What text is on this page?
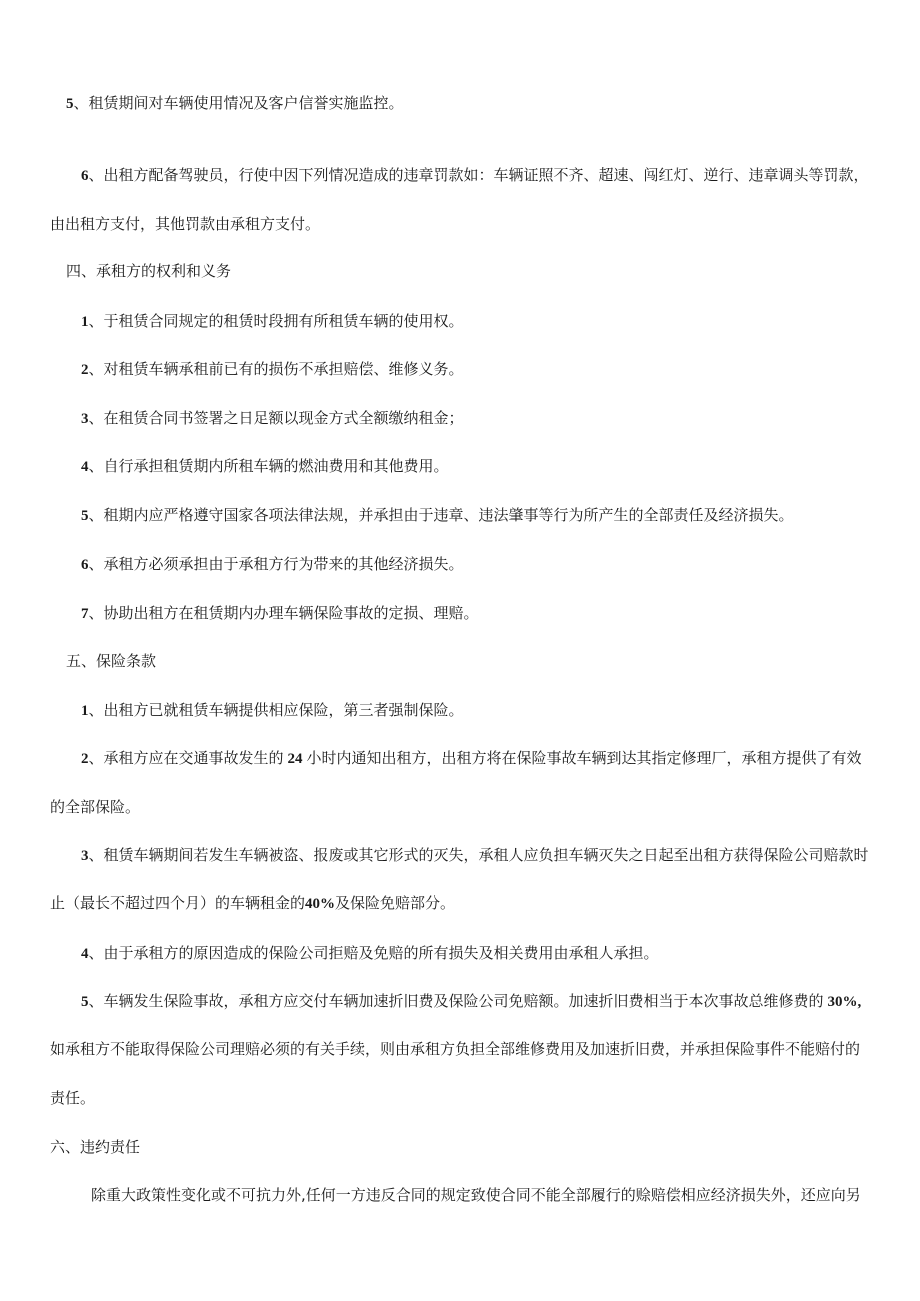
5、租赁期间对车辆使用情况及客户信誉实施监控。

6、出租方配备驾驶员，行使中因下列情况造成的违章罚款如：车辆证照不齐、超速、闯红灯、逆行、违章调头等罚款，

由出租方支付，其他罚款由承租方支付。

四、承租方的权利和义务

1、于租赁合同规定的租赁时段拥有所租赁车辆的使用权。

2、对租赁车辆承租前已有的损伤不承担赔偿、维修义务。

3、在租赁合同书签署之日足额以现金方式全额缴纳租金；

4、自行承担租赁期内所租车辆的燃油费用和其他费用。

5、租期内应严格遵守国家各项法律法规，并承担由于违章、违法肇事等行为所产生的全部责任及经济损失。

6、承租方必须承担由于承租方行为带来的其他经济损失。

7、协助出租方在租赁期内办理车辆保险事故的定损、理赔。

五、保险条款

1、出租方已就租赁车辆提供相应保险，第三者强制保险。

2、承租方应在交通事故发生的 24 小时内通知出租方，出租方将在保险事故车辆到达其指定修理厂，承租方提供了有效

的全部保险。

3、租赁车辆期间若发生车辆被盗、报废或其它形式的灭失，承租人应负担车辆灭失之日起至出租方获得保险公司赔款时

止（最长不超过四个月）的车辆租金的40%及保险免赔部分。

4、由于承租方的原因造成的保险公司拒赔及免赔的所有损失及相关费用由承租人承担。

5、车辆发生保险事故，承租方应交付车辆加速折旧费及保险公司免赔额。加速折旧费相当于本次事故总维修费的 30%,

如承租方不能取得保险公司理赔必须的有关手续，则由承租方负担全部维修费用及加速折旧费，并承担保险事件不能赔付的

责任。

六、违约责任

除重大政策性变化或不可抗力外,任何一方违反合同的规定致使合同不能全部履行的赊赔偿相应经济损失外，还应向另
